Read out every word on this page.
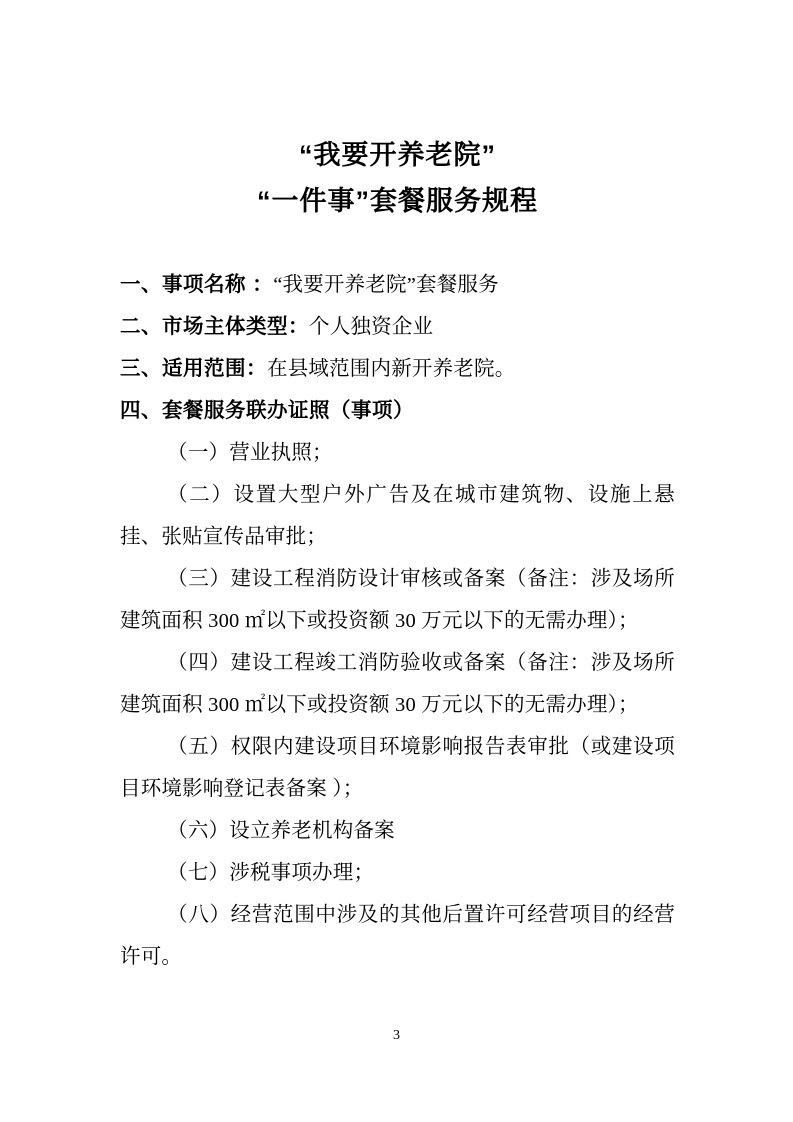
“我要开养老院”
“一件事”套餐服务规程

一、事项名称 ：“我要开养老院”套餐服务

二、市场主体类型：个人独资企业

三、适用范围：在县域范围内新开养老院。

四、套餐服务联办证照（事项）

（一）营业执照；

（二）设置大型户外广告及在城市建筑物、设施上悬挂、张贴宣传品审批；

（三）建设工程消防设计审核或备案（备注：涉及场所建筑面积 300 ㎡以下或投资额 30 万元以下的无需办理）；

（四）建设工程竣工消防验收或备案（备注：涉及场所建筑面积 300 ㎡以下或投资额 30 万元以下的无需办理）；

（五）权限内建设项目环境影响报告表审批（或建设项目环境影响登记表备案 ）；

（六）设立养老机构备案

（七）涉税事项办理；

（八）经营范围中涉及的其他后置许可经营项目的经营许可。

3
